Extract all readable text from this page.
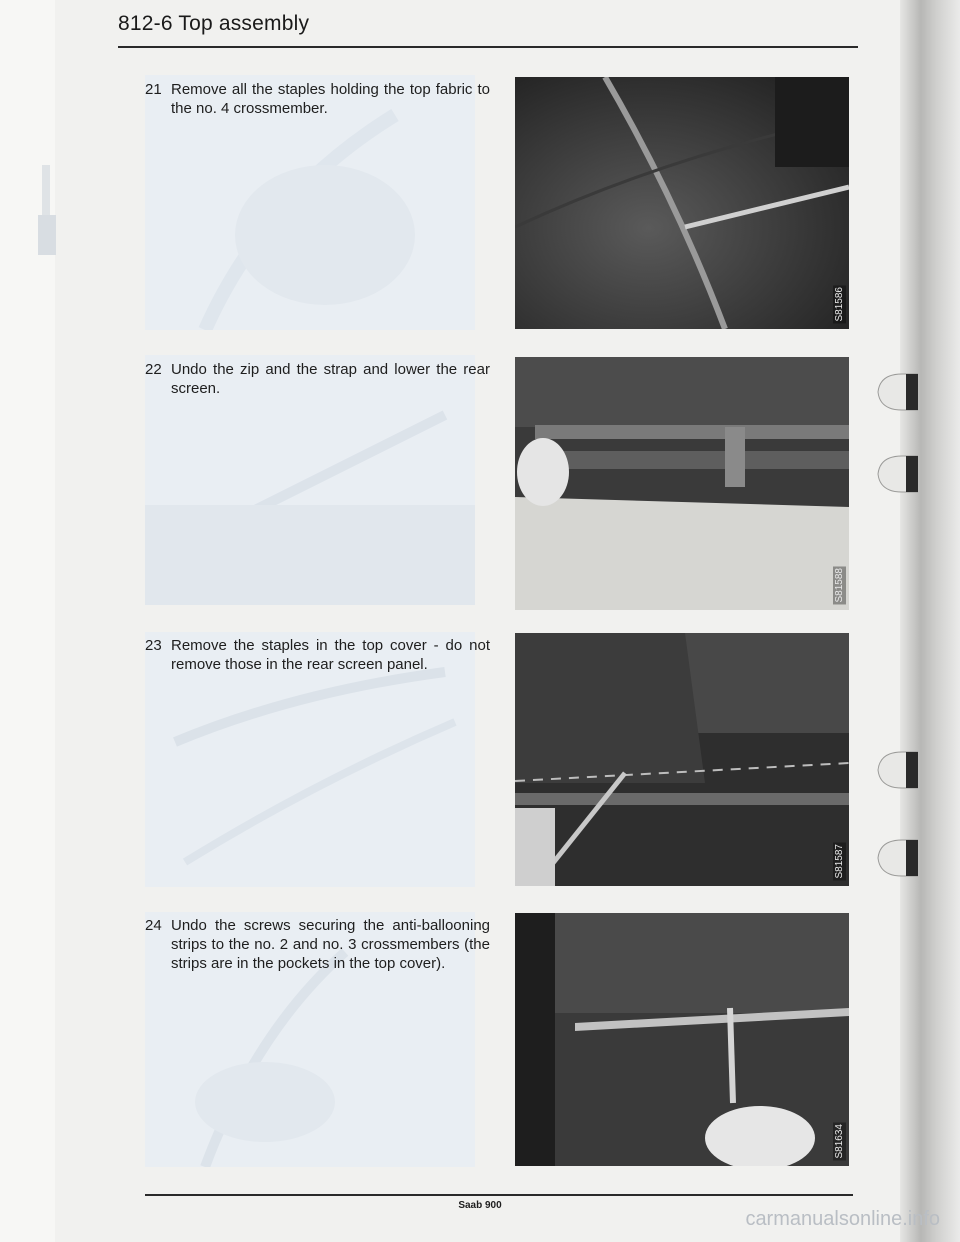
812-6 Top assembly
21 Remove all the staples holding the top fabric to the no. 4 crossmember.
S81586
22 Undo the zip and the strap and lower the rear screen.
S81588
23 Remove the staples in the top cover - do not remove those in the rear screen panel.
S81587
24 Undo the screws securing the anti-ballooning strips to the no. 2 and no. 3 crossmembers (the strips are in the pockets in the top cover).
S81634
Saab 900
carmanualsonline.info
